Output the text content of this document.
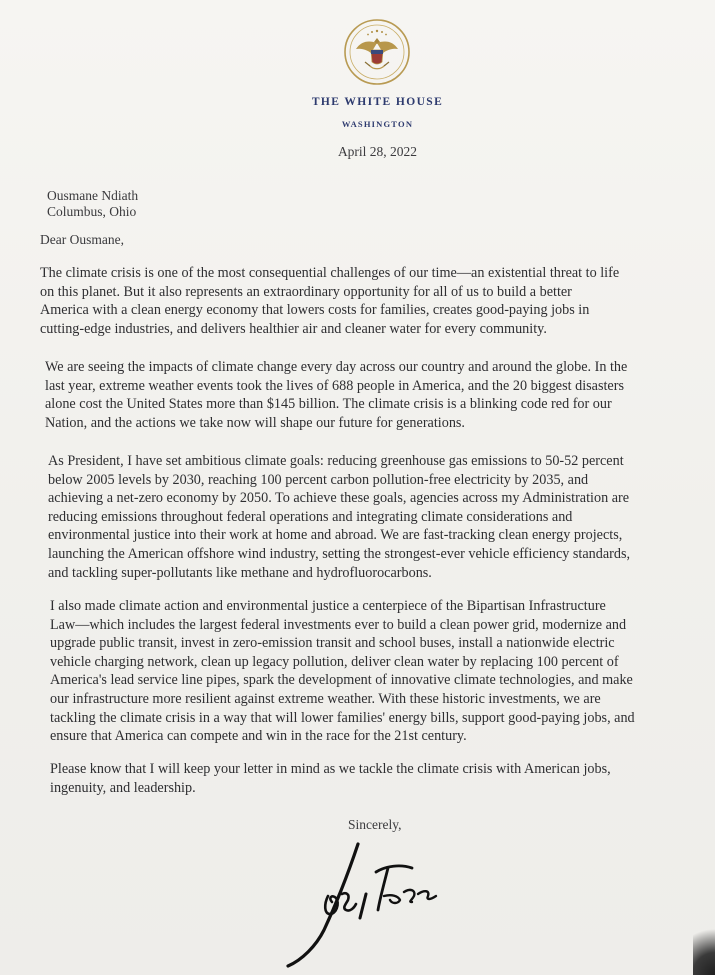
THE WHITE HOUSE
WASHINGTON
April 28, 2022
Ousmane Ndiath
Columbus, Ohio
Dear Ousmane,
The climate crisis is one of the most consequential challenges of our time—an existential threat to life
on this planet. But it also represents an extraordinary opportunity for all of us to build a better
America with a clean energy economy that lowers costs for families, creates good-paying jobs in
cutting-edge industries, and delivers healthier air and cleaner water for every community.
We are seeing the impacts of climate change every day across our country and around the globe. In the
last year, extreme weather events took the lives of 688 people in America, and the 20 biggest disasters
alone cost the United States more than $145 billion. The climate crisis is a blinking code red for our
Nation, and the actions we take now will shape our future for generations.
As President, I have set ambitious climate goals: reducing greenhouse gas emissions to 50-52 percent
below 2005 levels by 2030, reaching 100 percent carbon pollution-free electricity by 2035, and
achieving a net-zero economy by 2050. To achieve these goals, agencies across my Administration are
reducing emissions throughout federal operations and integrating climate considerations and
environmental justice into their work at home and abroad. We are fast-tracking clean energy projects,
launching the American offshore wind industry, setting the strongest-ever vehicle efficiency standards,
and tackling super-pollutants like methane and hydrofluorocarbons.
I also made climate action and environmental justice a centerpiece of the Bipartisan Infrastructure
Law—which includes the largest federal investments ever to build a clean power grid, modernize and
upgrade public transit, invest in zero-emission transit and school buses, install a nationwide electric
vehicle charging network, clean up legacy pollution, deliver clean water by replacing 100 percent of
America's lead service line pipes, spark the development of innovative climate technologies, and make
our infrastructure more resilient against extreme weather. With these historic investments, we are
tackling the climate crisis in a way that will lower families' energy bills, support good-paying jobs, and
ensure that America can compete and win in the race for the 21st century.
Please know that I will keep your letter in mind as we tackle the climate crisis with American jobs,
ingenuity, and leadership.
Sincerely,
